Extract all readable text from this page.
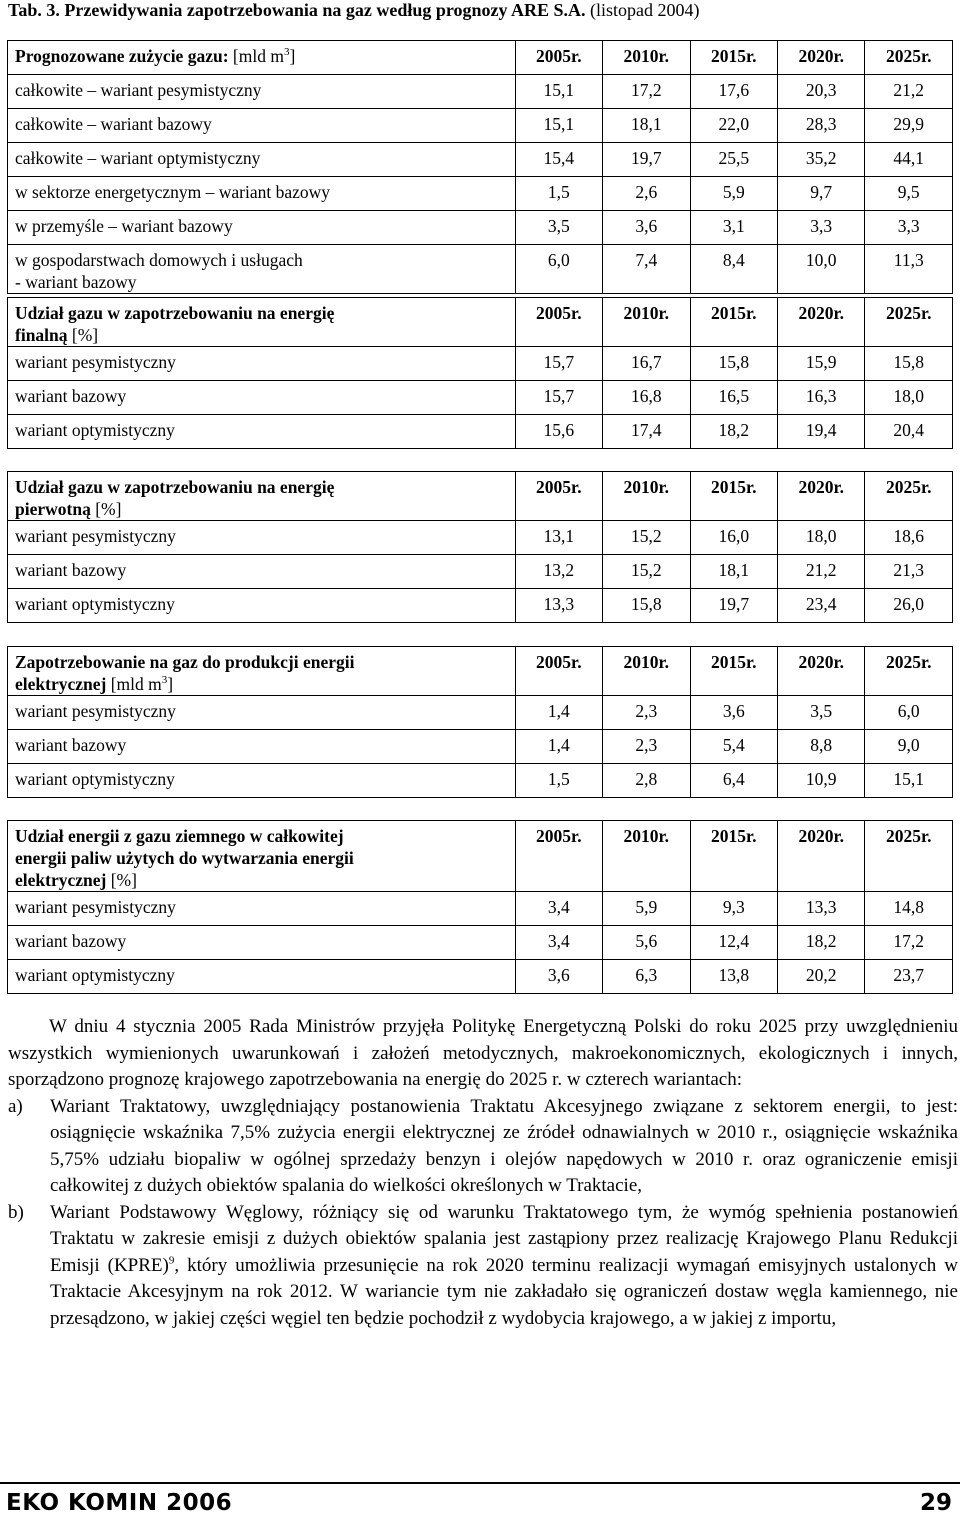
Tab. 3. Przewidywania zapotrzebowania na gaz według prognozy ARE S.A. (listopad 2004)
Prognozowane zużycie gazu: [mld $m^3$]	2005r.	2010r.	2015r.	2020r.	2025r.
całkowite – wariant pesymistyczny	15,1	17,2	17,6	20,3	21,2
całkowite – wariant bazowy	15,1	18,1	22,0	28,3	29,9
całkowite – wariant optymistyczny	15,4	19,7	25,5	35,2	44,1
w sektorze energetycznym – wariant bazowy	1,5	2,6	5,9	9,7	9,5
w przemyśle – wariant bazowy	3,5	3,6	3,1	3,3	3,3
w gospodarstwach domowych i usługach
- wariant bazowy	6,0	7,4	8,4	10,0	11,3
Udział gazu w zapotrzebowaniu na energię
finalną [%]	2005r.	2010r.	2015r.	2020r.	2025r.
wariant pesymistyczny	15,7	16,7	15,8	15,9	15,8
wariant bazowy	15,7	16,8	16,5	16,3	18,0
wariant optymistyczny	15,6	17,4	18,2	19,4	20,4
Udział gazu w zapotrzebowaniu na energię
pierwotną [%]	2005r.	2010r.	2015r.	2020r.	2025r.
wariant pesymistyczny	13,1	15,2	16,0	18,0	18,6
wariant bazowy	13,2	15,2	18,1	21,2	21,3
wariant optymistyczny	13,3	15,8	19,7	23,4	26,0
Zapotrzebowanie na gaz do produkcji energii
elektrycznej [mld $m^3$]	2005r.	2010r.	2015r.	2020r.	2025r.
wariant pesymistyczny	1,4	2,3	3,6	3,5	6,0
wariant bazowy	1,4	2,3	5,4	8,8	9,0
wariant optymistyczny	1,5	2,8	6,4	10,9	15,1
Udział energii z gazu ziemnego w całkowitej
energii paliw użytych do wytwarzania energii
elektrycznej [%]	2005r.	2010r.	2015r.	2020r.	2025r.
wariant pesymistyczny	3,4	5,9	9,3	13,3	14,8
wariant bazowy	3,4	5,6	12,4	18,2	17,2
wariant optymistyczny	3,6	6,3	13,8	20,2	23,7

W dniu 4 stycznia 2005 Rada Ministrów przyjęła Politykę Energetyczną Polski do roku 2025 przy uwzględnieniu wszystkich wymienionych uwarunkowań i założeń metodycznych, makroekonomicznych, ekologicznych i innych, sporządzono prognozę krajowego zapotrzebowania na energię do 2025 r. w czterech wariantach:

a)	Wariant Traktatowy, uwzględniający postanowienia Traktatu Akcesyjnego związane z sektorem energii, to jest: osiągnięcie wskaźnika 7,5% zużycia energii elektrycznej ze źródeł odnawialnych w 2010 r., osiągnięcie wskaźnika 5,75% udziału biopaliw w ogólnej sprzedaży benzyn i olejów napędowych w 2010 r. oraz ograniczenie emisji całkowitej z dużych obiektów spalania do wielkości określonych w Traktacie,
b)	Wariant Podstawowy Węglowy, różniący się od warunku Traktatowego tym, że wymóg spełnienia postanowień Traktatu w zakresie emisji z dużych obiektów spalania jest zastąpiony przez realizację Krajowego Planu Redukcji Emisji (KPRE)$^9$, który umożliwia przesunięcie na rok 2020 terminu realizacji wymagań emisyjnych ustalonych w Traktacie Akcesyjnym na rok 2012. W wariancie tym nie zakładało się ograniczeń dostaw węgla kamiennego, nie przesądzono, w jakiej części węgiel ten będzie pochodził z wydobycia krajowego, a w jakiej z importu,
EKO KOMIN 2006	29
